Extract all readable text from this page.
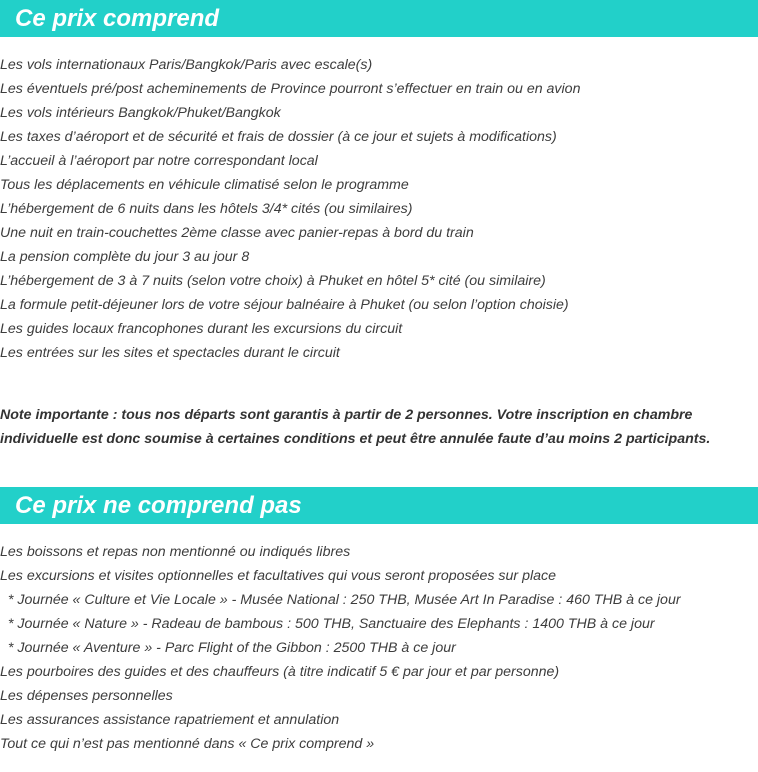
Ce prix comprend
Les vols internationaux Paris/Bangkok/Paris avec escale(s)
Les éventuels pré/post acheminements de Province pourront s’effectuer en train ou en avion
Les vols intérieurs Bangkok/Phuket/Bangkok
Les taxes d’aéroport et de sécurité et frais de dossier (à ce jour et sujets à modifications)
L’accueil à l’aéroport par notre correspondant local
Tous les déplacements en véhicule climatisé selon le programme
L’hébergement de 6 nuits dans les hôtels 3/4* cités (ou similaires)
Une nuit en train-couchettes 2ème classe avec panier-repas à bord du train
La pension complète du jour 3 au jour 8
L’hébergement de 3 à 7 nuits (selon votre choix) à Phuket en hôtel 5* cité (ou similaire)
La formule petit-déjeuner lors de votre séjour balnéaire à Phuket (ou selon l’option choisie)
Les guides locaux francophones durant les excursions du circuit
Les entrées sur les sites et spectacles durant le circuit

Note importante : tous nos départs sont garantis à partir de 2 personnes. Votre inscription en chambre individuelle est donc soumise à certaines conditions et peut être annulée faute d’au moins 2 participants.

Ce prix ne comprend pas
Les boissons et repas non mentionné ou indiqués libres
Les excursions et visites optionnelles et facultatives qui vous seront proposées sur place
* Journée « Culture et Vie Locale » - Musée National : 250 THB, Musée Art In Paradise : 460 THB à ce jour
* Journée « Nature » - Radeau de bambous : 500 THB, Sanctuaire des Elephants : 1400 THB à ce jour
* Journée « Aventure » - Parc Flight of the Gibbon : 2500 THB à ce jour
Les pourboires des guides et des chauffeurs (à titre indicatif 5 € par jour et par personne)
Les dépenses personnelles
Les assurances assistance rapatriement et annulation
Tout ce qui n’est pas mentionné dans « Ce prix comprend »
